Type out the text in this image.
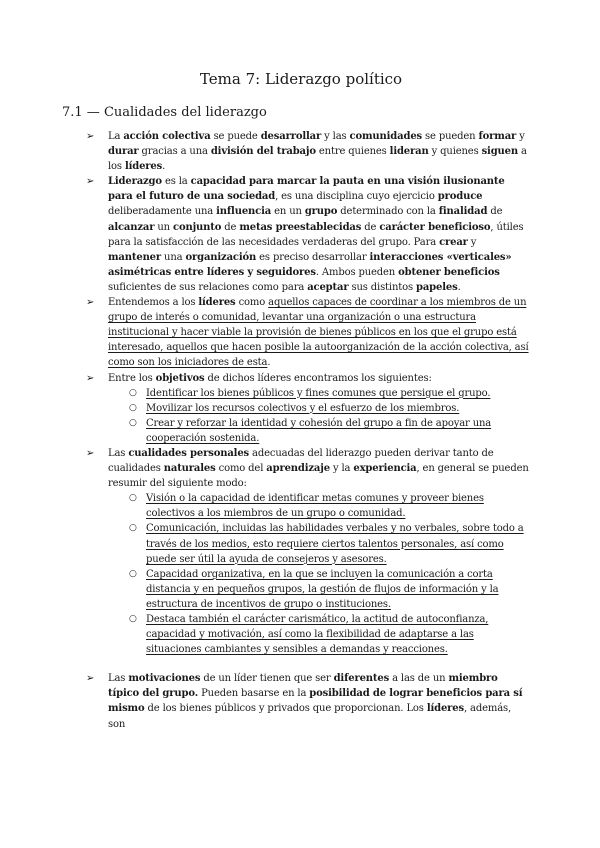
Tema 7: Liderazgo político
7.1 — Cualidades del liderazgo

➢ La acción colectiva se puede desarrollar y las comunidades se pueden formar y durar gracias a una división del trabajo entre quienes lideran y quienes siguen a los líderes.

➢ Liderazgo es la capacidad para marcar la pauta en una visión ilusionante para el futuro de una sociedad, es una disciplina cuyo ejercicio produce deliberadamente una influencia en un grupo determinado con la finalidad de alcanzar un conjunto de metas preestablecidas de carácter beneficioso, útiles para la satisfacción de las necesidades verdaderas del grupo. Para crear y mantener una organización es preciso desarrollar interacciones «verticales» asimétricas entre líderes y seguidores. Ambos pueden obtener beneficios suficientes de sus relaciones como para aceptar sus distintos papeles.

➢ Entendemos a los líderes como aquellos capaces de coordinar a los miembros de un grupo de interés o comunidad, levantar una organización o una estructura institucional y hacer viable la provisión de bienes públicos en los que el grupo está interesado, aquellos que hacen posible la autoorganización de la acción colectiva, así como son los iniciadores de esta.

➢ Entre los objetivos de dichos líderes encontramos los siguientes:

○ Identificar los bienes públicos y fines comunes que persigue el grupo.

○ Movilizar los recursos colectivos y el esfuerzo de los miembros.

○ Crear y reforzar la identidad y cohesión del grupo a fin de apoyar una cooperación sostenida.

➢ Las cualidades personales adecuadas del liderazgo pueden derivar tanto de cualidades naturales como del aprendizaje y la experiencia, en general se pueden resumir del siguiente modo:

○ Visión o la capacidad de identificar metas comunes y proveer bienes colectivos a los miembros de un grupo o comunidad.

○ Comunicación, incluidas las habilidades verbales y no verbales, sobre todo a través de los medios, esto requiere ciertos talentos personales, así como puede ser útil la ayuda de consejeros y asesores.

○ Capacidad organizativa, en la que se incluyen la comunicación a corta distancia y en pequeños grupos, la gestión de flujos de información y la estructura de incentivos de grupo o instituciones.

○ Destaca también el carácter carismático, la actitud de autoconfianza, capacidad y motivación, así como la flexibilidad de adaptarse a las situaciones cambiantes y sensibles a demandas y reacciones.

➢ Las motivaciones de un líder tienen que ser diferentes a las de un miembro típico del grupo. Pueden basarse en la posibilidad de lograr beneficios para sí mismo de los bienes públicos y privados que proporcionan. Los líderes, además, son
